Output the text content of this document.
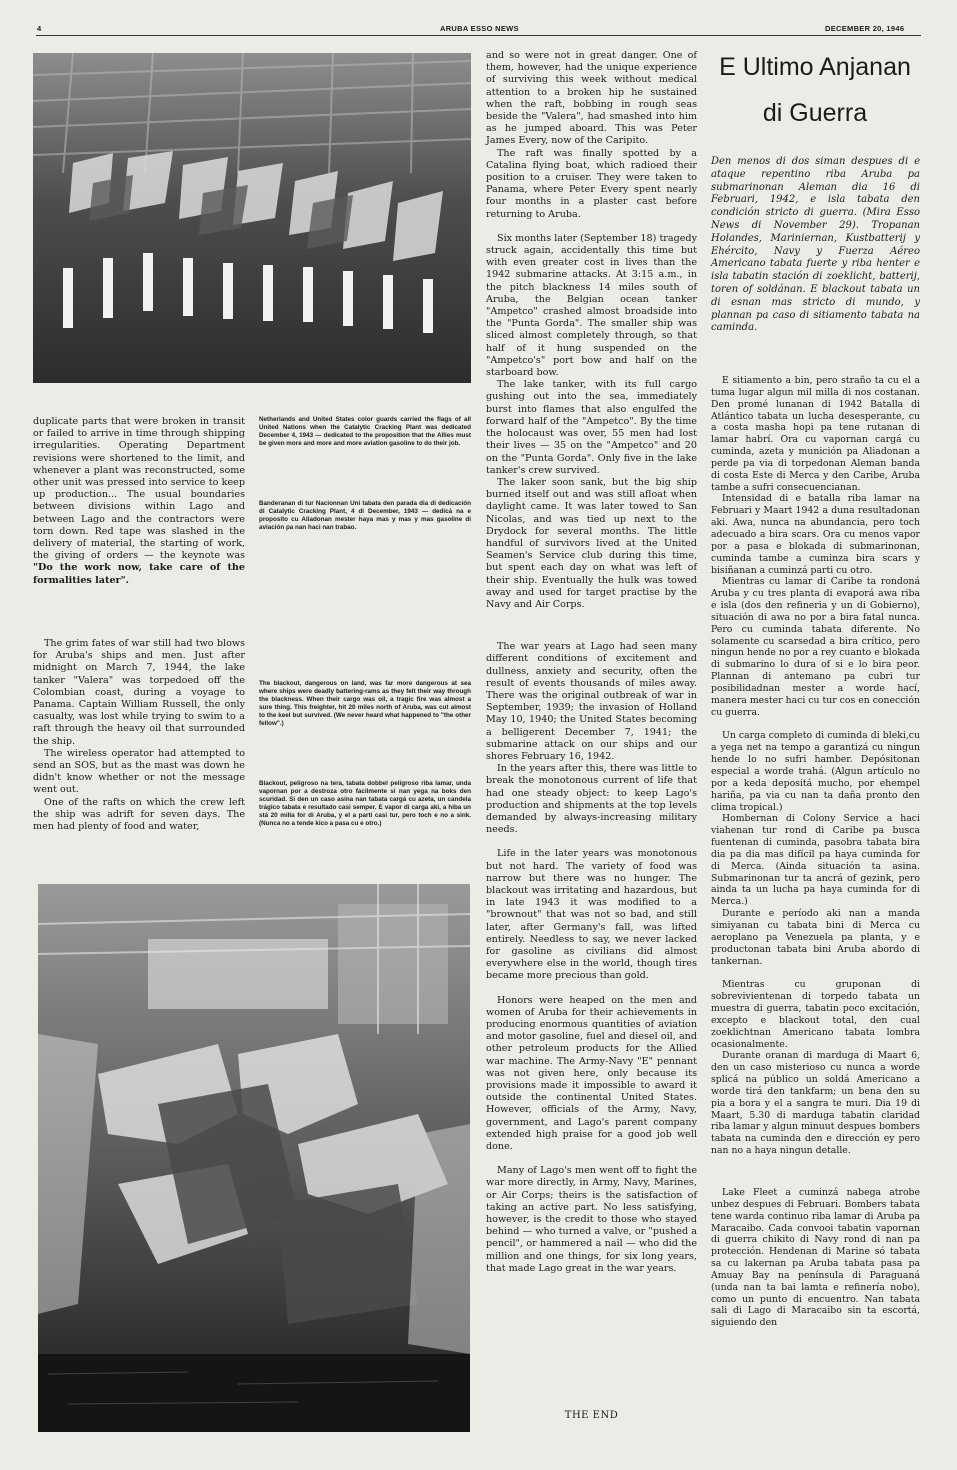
4	ARUBA ESSO NEWS	DECEMBER 20, 1946

duplicate parts that were broken in transit or failed to arrive in time through shipping irregularities. Operating Department revisions were shortened to the limit, and whenever a plant was reconstructed, some other unit was pressed into service to keep up production... The usual boundaries between divisions within Lago and between Lago and the contractors were torn down. Red tape was slashed in the delivery of material, the starting of work, the giving of orders — the keynote was "Do the work now, take care of the formalities later".

The grim fates of war still had two blows for Aruba's ships and men. Just after midnight on March 7, 1944, the lake tanker "Valera" was torpedoed off the Colombian coast, during a voyage to Panama. Captain William Russell, the only casualty, was lost while trying to swim to a raft through the heavy oil that surrounded the ship.

The wireless operator had attempted to send an SOS, but as the mast was down he didn't know whether or not the message went out.

One of the rafts on which the crew left the ship was adrift for seven days. The men had plenty of food and water,

Netherlands and United States color guards carried the flags of all United Nations when the Catalytic Cracking Plant was dedicated December 4, 1943 — dedicated to the proposition that the Allies must be given more and more and more aviation gasoline to do their job.
Banderanan di tur Nacionnan Uni tabata den parada dia di dedicación di Catalytic Cracking Plant, 4 di December, 1943 — dedicá na e proposito cu Aliadonan mester haya mas y mas y mas gasoline di aviación pa nan haci nan trabao.
The blackout, dangerous on land, was far more dangerous at sea where ships were deadly battering-rams as they felt their way through the blackness. When their cargo was oil, a tragic fire was almost a sure thing. This freighter, hit 20 miles north of Aruba, was cut almost to the keel but survived. (We never heard what happened to "the other fellow".)
Blackout, peligroso na tera, tabata dobbel peligroso riba lamar, unda vapornan por a destroza otro facilmente si nan yega na boks den scuridad. Si den un caso asina nan tabata cargá cu azeta, un candela trágico tabata e resultado casi semper. E vapor di carga aki, a hiba un stá 20 milla for di Aruba, y el a parti casi tur, pero toch e no a sink. (Nunca no a tende kico a pasa cu e otro.)

and so were not in great danger. One of them, however, had the unique experience of surviving this week without medical attention to a broken hip he sustained when the raft, bobbing in rough seas beside the "Valera", had smashed into him as he jumped aboard. This was Peter James Every, now of the Caripito.

The raft was finally spotted by a Catalina flying boat, which radioed their position to a cruiser. They were taken to Panama, where Peter Every spent nearly four months in a plaster cast before returning to Aruba.

Six months later (September 18) tragedy struck again, accidentally this time but with even greater cost in lives than the 1942 submarine attacks. At 3:15 a.m., in the pitch blackness 14 miles south of Aruba, the Belgian ocean tanker "Ampetco" crashed almost broadside into the "Punta Gorda". The smaller ship was sliced almost completely through, so that half of it hung suspended on the "Ampetco's" port bow and half on the starboard bow.

The lake tanker, with its full cargo gushing out into the sea, immediately burst into flames that also engulfed the forward half of the "Ampetco". By the time the holocaust was over, 55 men had lost their lives — 35 on the "Ampetco" and 20 on the "Punta Gorda". Only five in the lake tanker's crew survived.

The laker soon sank, but the big ship burned itself out and was still afloat when daylight came. It was later towed to San Nicolas, and was tied up next to the Drydock for several months. The little handful of survivors lived at the United Seamen's Service club during this time, but spent each day on what was left of their ship. Eventually the hulk was towed away and used for target practise by the Navy and Air Corps.

The war years at Lago had seen many different conditions of excitement and dullness, anxiety and security, often the result of events thousands of miles away. There was the original outbreak of war in September, 1939; the invasion of Holland May 10, 1940; the United States becoming a belligerent December 7, 1941; the submarine attack on our ships and our shores February 16, 1942.

In the years after this, there was little to break the monotonous current of life that had one steady object: to keep Lago's production and shipments at the top levels demanded by always-increasing military needs.

Life in the later years was monotonous but not hard. The variety of food was narrow but there was no hunger. The blackout was irritating and hazardous, but in late 1943 it was modified to a "brownout" that was not so bad, and still later, after Germany's fall, was lifted entirely. Needless to say, we never lacked for gasoline as civilians did almost everywhere else in the world, though tires became more precious than gold.

Honors were heaped on the men and women of Aruba for their achievements in producing enormous quantities of aviation and motor gasoline, fuel and diesel oil, and other petroleum products for the Allied war machine. The Army-Navy "E" pennant was not given here, only because its provisions made it impossible to award it outside the continental United States. However, officials of the Army, Navy, government, and Lago's parent company extended high praise for a good job well done.

Many of Lago's men went off to fight the war more directly, in Army, Navy, Marines, or Air Corps; theirs is the satisfaction of taking an active part. No less satisfying, however, is the credit to those who stayed behind — who turned a valve, or "pushed a pencil", or hammered a nail — who did the million and one things, for six long years, that made Lago great in the war years.

THE END
E Ultimo Anjanan
di Guerra
Den menos di dos siman despues di e ataque repentino riba Aruba pa submarinonan Aleman dia 16 di Februari, 1942, e isla tabata den condición stricto di guerra. (Mira Esso News di November 29). Tropanan Holandes, Mariniernan, Kustbatterij y Ehército, Navy y Fuerza Aéreo Americano tabata fuerte y riba henter e isla tabatin stación di zoeklicht, batterij, toren of soldánan. E blackout tabata un di esnan mas stricto di mundo, y plannan pa caso di sitiamento tabata na caminda.

E sitiamento a bin, pero straño ta cu el a tuma lugar algun mil milla di nos costanan. Den promé lunanan di 1942 Batalla di Atlántico tabata un lucha desesperante, cu a costa masha hopi pa tene rutanan di lamar habrí. Ora cu vapornan cargá cu cuminda, azeta y munición pa Aliadonan a perde pa via di torpedonan Aleman banda di costa Este di Merca y den Caribe, Aruba tambe a sufri consecuencianan.

Intensidad di e batalla riba lamar na Februari y Maart 1942 a duna resultadonan aki. Awa, nunca na abundancia, pero toch adecuado a bira scars. Ora cu menos vapor por a pasa e blokada di submarinonan, cuminda tambe a cuminza bira scars y bisiñanan a cuminzá parti cu otro.

Mientras cu lamar di Caribe ta rondoná Aruba y cu tres planta di evaporá awa riba e isla (dos den refineria y un di Gobierno), situación di awa no por a bira fatal nunca. Pero cu cuminda tabata diferente. No solamente cu scarsedad a bira crítico, pero ningun hende no por a rey cuanto e blokada di submarino lo dura of si e lo bira peor. Plannan di antemano pa cubri tur posibilidadnan mester a worde hací, manera mester haci cu tur cos en conección cu guerra.

Un carga completo di cuminda di bleki,cu a yega net na tempo a garantizá cu ningun hende lo no sufri hamber. Depósitonan especial a worde trahá. (Algun artículo no por a keda depositá mucho, por ehempel hariña, pa via cu nan ta daña pronto den clima tropical.)

Hombernan di Colony Service a haci viahenan tur rond di Caribe pa busca fuentenan di cuminda, pasobra tabata bira dia pa dia mas difícil pa haya cuminda for di Merca. (Ainda situación ta asina. Submarinonan tur ta ancrá of gezink, pero ainda ta un lucha pa haya cuminda for di Merca.)

Durante e período aki nan a manda simiyanan cu tabata bini di Merca cu aeroplano pa Venezuela pa planta, y e productonan tabata bini Aruba abordo di tankernan.

Mientras cu gruponan di sobrevivientenan di torpedo tabata un muestra di guerra, tabatin poco excitación, excepto e blackout total, den cual zoeklichtnan Americano tabata lombra ocasionalmente.

Durante oranan di marduga di Maart 6, den un caso misterioso cu nunca a worde splicá na público un soldá Americano a worde tirá den tankfarm; un bena den su pia a bora y el a sangra te muri. Dia 19 di Maart, 5.30 di marduga tabatin claridad riba lamar y algun minuut despues bombers tabata na cuminda den e dirección ey pero nan no a haya ningun detalle.

Lake Fleet a cuminzá nabega atrobe unbez despues di Februari. Bombers tabata tene warda continuo riba lamar di Aruba pa Maracaibo. Cada convooi tabatin vapornan di guerra chikito di Navy rond di nan pa protección. Hendenan di Marine só tabata sa cu lakernan pa Aruba tabata pasa pa Amuay Bay na península di Paraguaná (unda nan ta bai lamta e refinería nobo), como un punto di encuentro. Nan tabata sali di Lago di Maracaibo sin ta escortá, siguiendo den
